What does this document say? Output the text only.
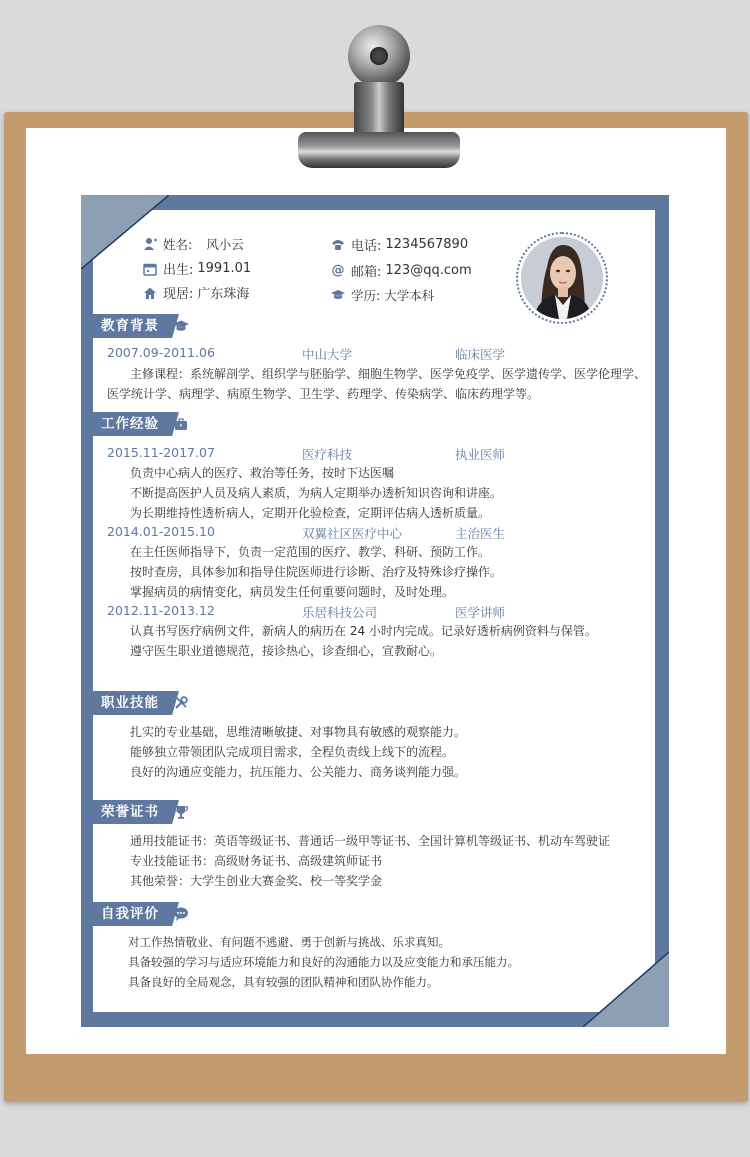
姓名: 风小云
出生: 1991.01
现居: 广东珠海
电话: 1234567890
@ 邮箱: 123@qq.com
学历: 大学本科
教育背景
2007.09-2011.06	中山大学	临床医学
主修课程：系统解剖学、组织学与胚胎学、细胞生物学、医学免疫学、医学遗传学、医学伦理学、
医学统计学、病理学、病原生物学、卫生学、药理学、传染病学、临床药理学等。
工作经验
2015.11-2017.07	医疗科技	执业医师
负责中心病人的医疗、救治等任务，按时下达医嘱
不断提高医护人员及病人素质，为病人定期举办透析知识咨询和讲座。
为长期维持性透析病人，定期开化验检查，定期评估病人透析质量。
2014.01-2015.10	双翼社区医疗中心	主治医生
在主任医师指导下，负责一定范围的医疗、教学、科研、预防工作。
按时查房，具体参加和指导住院医师进行诊断、治疗及特殊诊疗操作。
掌握病员的病情变化，病员发生任何重要问题时，及时处理。
2012.11-2013.12	乐居科技公司	医学讲师
认真书写医疗病例文件，新病人的病历在 24 小时内完成。记录好透析病例资料与保管。
遵守医生职业道德规范，接诊热心，诊查细心，宣教耐心。
职业技能
扎实的专业基础，思维清晰敏捷、对事物具有敏感的观察能力。
能够独立带领团队完成项目需求，全程负责线上线下的流程。
良好的沟通应变能力，抗压能力、公关能力、商务谈判能力强。
荣誉证书
通用技能证书：英语等级证书、普通话一级甲等证书、全国计算机等级证书、机动车驾驶证
专业技能证书：高级财务证书、高级建筑师证书
其他荣誉：大学生创业大赛金奖、校一等奖学金
自我评价
对工作热情敬业、有问题不逃避、勇于创新与挑战、乐求真知。
具备较强的学习与适应环境能力和良好的沟通能力以及应变能力和承压能力。
具备良好的全局观念，具有较强的团队精神和团队协作能力。
